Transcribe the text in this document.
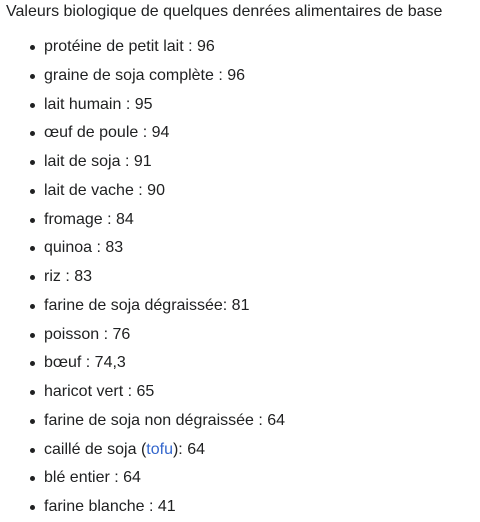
Valeurs biologique de quelques denrées alimentaires de base
protéine de petit lait : 96
graine de soja complète : 96
lait humain : 95
œuf de poule : 94
lait de soja : 91
lait de vache : 90
fromage : 84
quinoa : 83
riz : 83
farine de soja dégraissée: 81
poisson : 76
bœuf : 74,3
haricot vert : 65
farine de soja non dégraissée : 64
caillé de soja (tofu): 64
blé entier : 64
farine blanche : 41
